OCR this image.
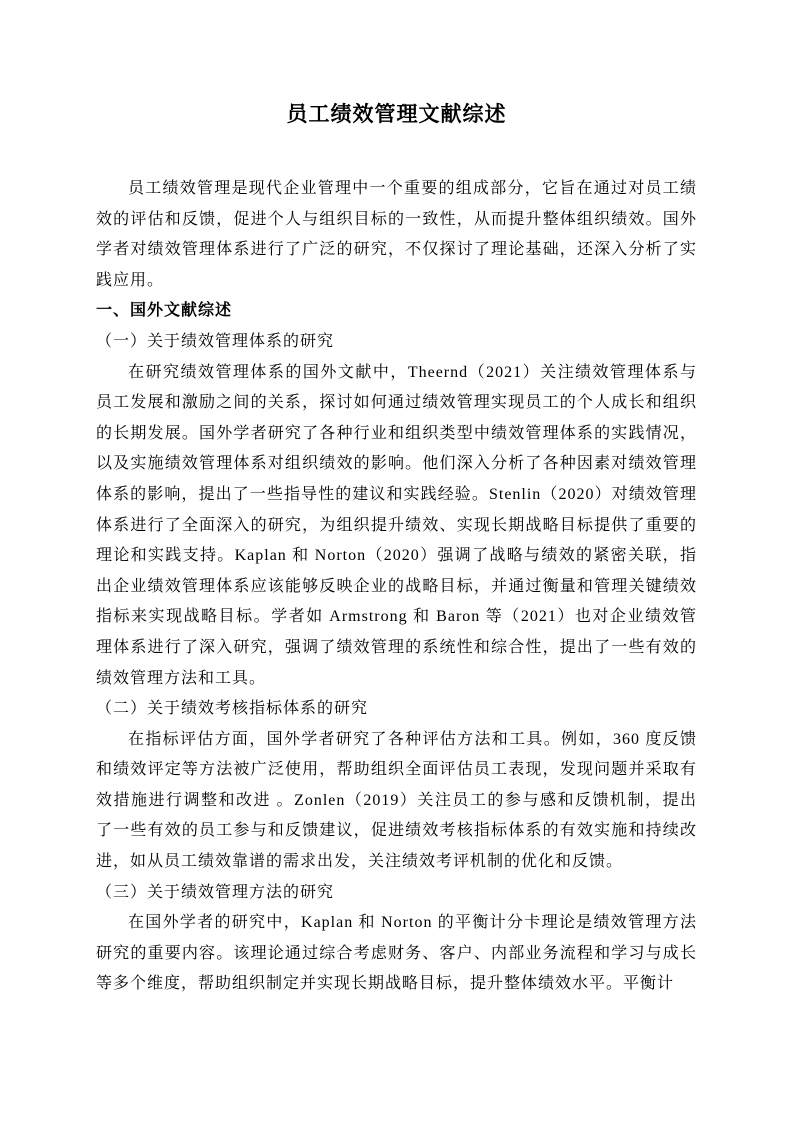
员工绩效管理文献综述

员工绩效管理是现代企业管理中一个重要的组成部分，它旨在通过对员工绩效的评估和反馈，促进个人与组织目标的一致性，从而提升整体组织绩效。国外学者对绩效管理体系进行了广泛的研究，不仅探讨了理论基础，还深入分析了实践应用。

一、国外文献综述
（一）关于绩效管理体系的研究

在研究绩效管理体系的国外文献中，Theernd（2021）关注绩效管理体系与员工发展和激励之间的关系，探讨如何通过绩效管理实现员工的个人成长和组织的长期发展。国外学者研究了各种行业和组织类型中绩效管理体系的实践情况，以及实施绩效管理体系对组织绩效的影响。他们深入分析了各种因素对绩效管理体系的影响，提出了一些指导性的建议和实践经验。Stenlin（2020）对绩效管理体系进行了全面深入的研究，为组织提升绩效、实现长期战略目标提供了重要的理论和实践支持。Kaplan 和 Norton（2020）强调了战略与绩效的紧密关联，指出企业绩效管理体系应该能够反映企业的战略目标，并通过衡量和管理关键绩效指标来实现战略目标。学者如 Armstrong 和 Baron 等（2021）也对企业绩效管理体系进行了深入研究，强调了绩效管理的系统性和综合性，提出了一些有效的绩效管理方法和工具。

（二）关于绩效考核指标体系的研究

在指标评估方面，国外学者研究了各种评估方法和工具。例如，360 度反馈和绩效评定等方法被广泛使用，帮助组织全面评估员工表现，发现问题并采取有效措施进行调整和改进 。Zonlen（2019）关注员工的参与感和反馈机制，提出了一些有效的员工参与和反馈建议，促进绩效考核指标体系的有效实施和持续改进，如从员工绩效靠谱的需求出发，关注绩效考评机制的优化和反馈。

（三）关于绩效管理方法的研究

在国外学者的研究中，Kaplan 和 Norton 的平衡计分卡理论是绩效管理方法研究的重要内容。该理论通过综合考虑财务、客户、内部业务流程和学习与成长等多个维度，帮助组织制定并实现长期战略目标，提升整体绩效水平。平衡计
